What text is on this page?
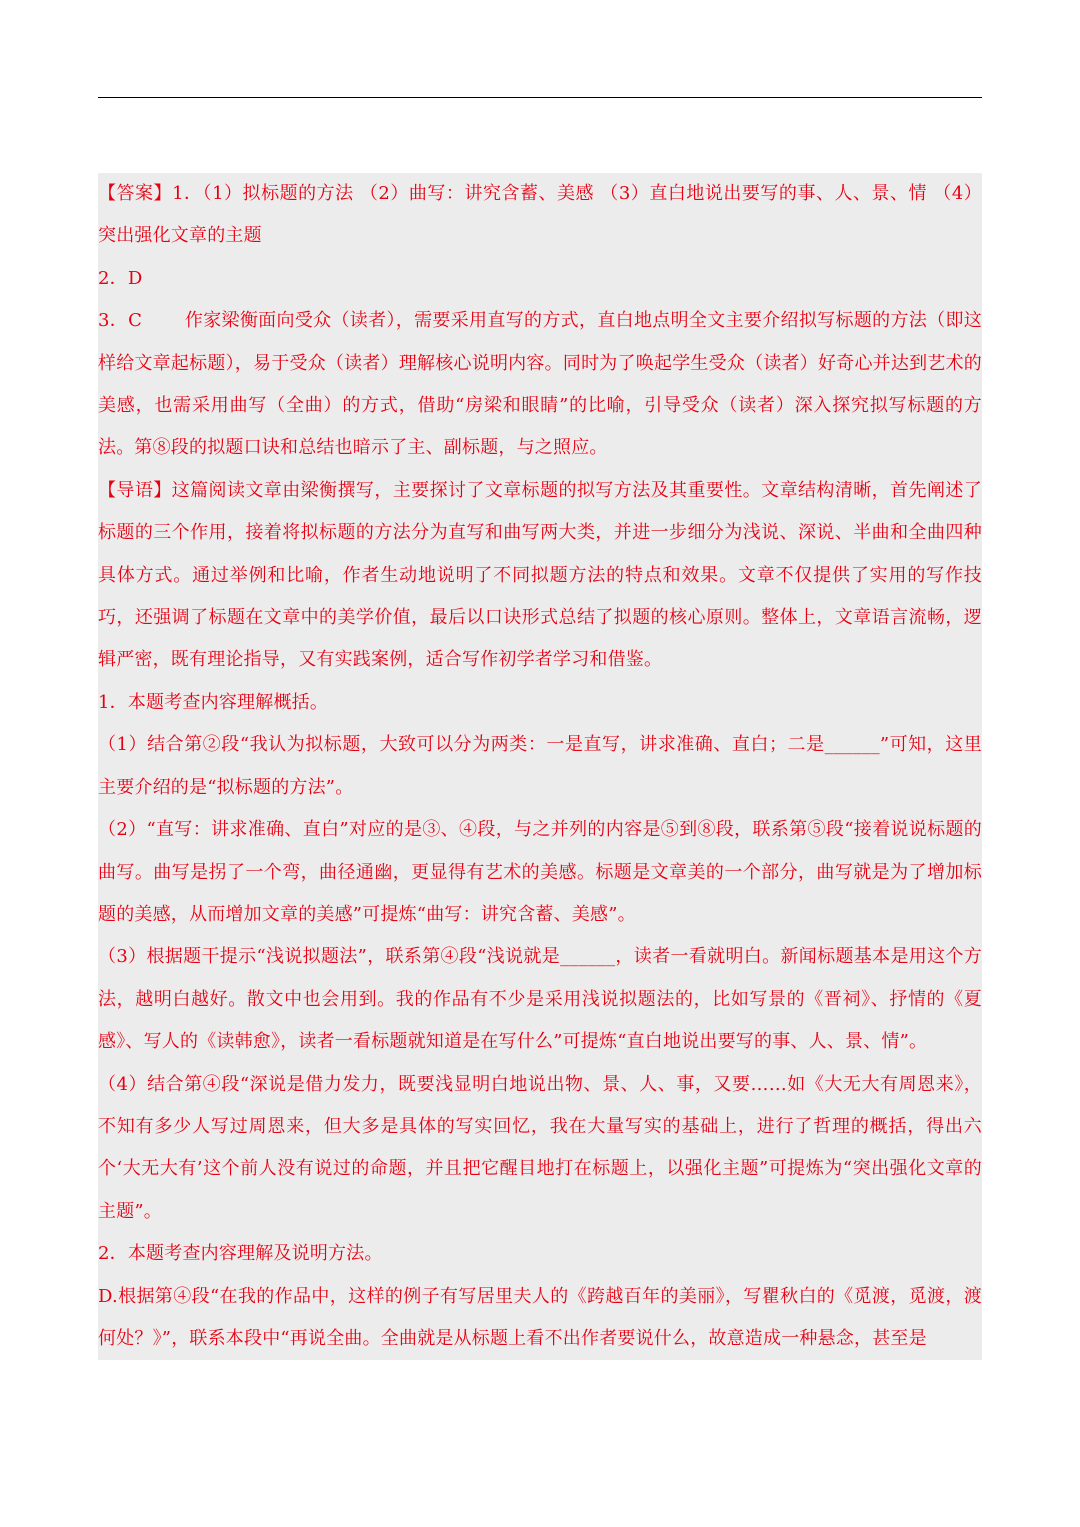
【答案】1．（1）拟标题的方法 （2）曲写：讲究含蓄、美感 （3）直白地说出要写的事、人、景、情 （4）突出强化文章的主题

2．D

3．C　　 作家梁衡面向受众（读者），需要采用直写的方式，直白地点明全文主要介绍拟写标题的方法（即这样给文章起标题），易于受众（读者）理解核心说明内容。同时为了唤起学生受众（读者）好奇心并达到艺术的美感，也需采用曲写（全曲）的方式，借助“房梁和眼睛”的比喻，引导受众（读者）深入探究拟写标题的方法。第⑧段的拟题口诀和总结也暗示了主、副标题，与之照应。

【导语】这篇阅读文章由梁衡撰写，主要探讨了文章标题的拟写方法及其重要性。文章结构清晰，首先阐述了标题的三个作用，接着将拟标题的方法分为直写和曲写两大类，并进一步细分为浅说、深说、半曲和全曲四种具体方式。通过举例和比喻，作者生动地说明了不同拟题方法的特点和效果。文章不仅提供了实用的写作技巧，还强调了标题在文章中的美学价值，最后以口诀形式总结了拟题的核心原则。整体上，文章语言流畅，逻辑严密，既有理论指导，又有实践案例，适合写作初学者学习和借鉴。

1．本题考查内容理解概括。

（1）结合第②段“我认为拟标题，大致可以分为两类：一是直写，讲求准确、直白；二是______”可知，这里主要介绍的是“拟标题的方法”。

（2）“直写：讲求准确、直白”对应的是③、④段，与之并列的内容是⑤到⑧段，联系第⑤段“接着说说标题的曲写。曲写是拐了一个弯，曲径通幽，更显得有艺术的美感。标题是文章美的一个部分，曲写就是为了增加标题的美感，从而增加文章的美感”可提炼“曲写：讲究含蓄、美感”。

（3）根据题干提示“浅说拟题法”，联系第④段“浅说就是______，读者一看就明白。新闻标题基本是用这个方法，越明白越好。散文中也会用到。我的作品有不少是采用浅说拟题法的，比如写景的《晋祠》、抒情的《夏感》、写人的《读韩愈》，读者一看标题就知道是在写什么”可提炼“直白地说出要写的事、人、景、情”。

（4）结合第④段“深说是借力发力，既要浅显明白地说出物、景、人、事，又要……如《大无大有周恩来》，不知有多少人写过周恩来，但大多是具体的写实回忆，我在大量写实的基础上，进行了哲理的概括，得出六个‘大无大有’这个前人没有说过的命题，并且把它醒目地打在标题上，以强化主题”可提炼为“突出强化文章的主题”。

2．本题考查内容理解及说明方法。

D.根据第④段“在我的作品中，这样的例子有写居里夫人的《跨越百年的美丽》，写瞿秋白的《觅渡，觅渡，渡何处？》”，联系本段中“再说全曲。全曲就是从标题上看不出作者要说什么，故意造成一种悬念，甚至是
